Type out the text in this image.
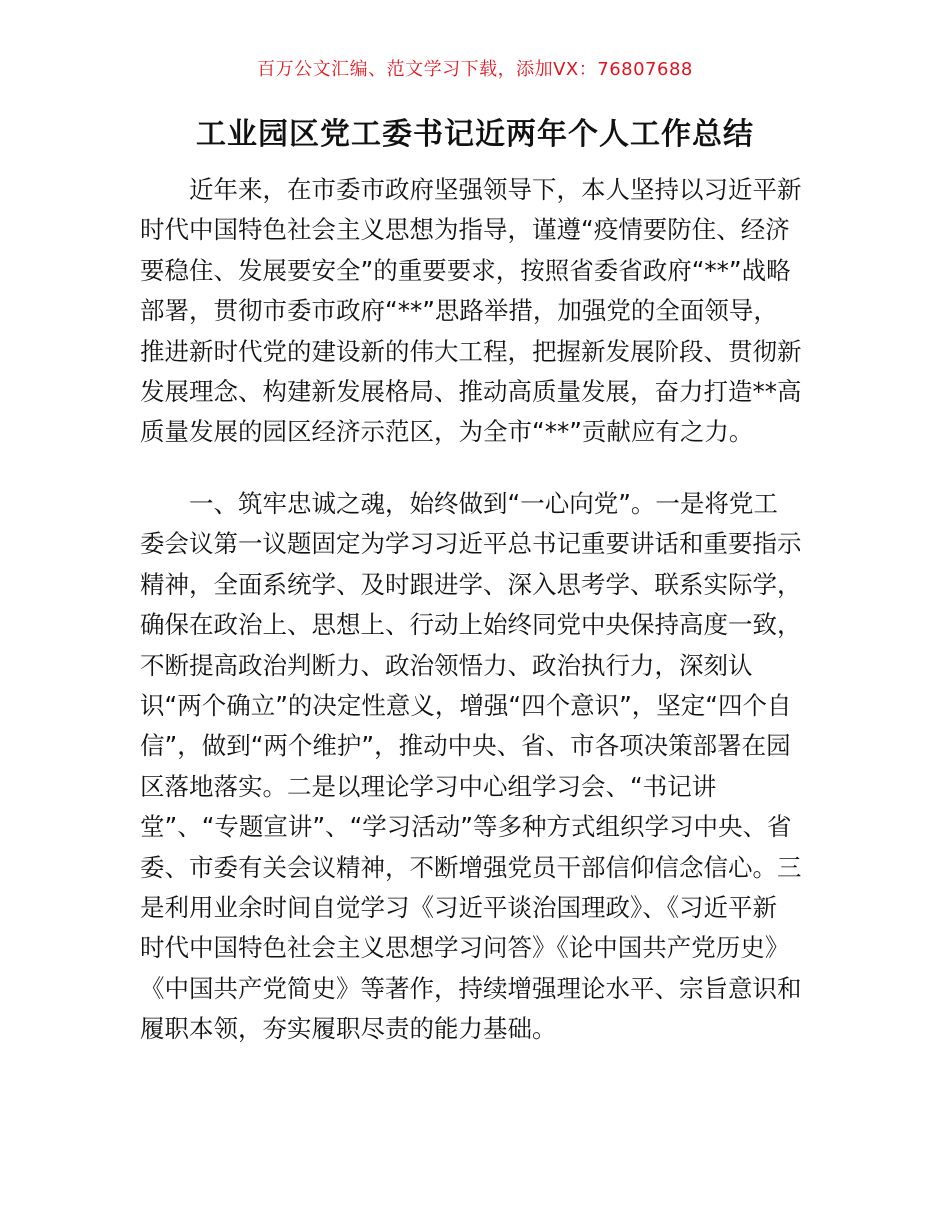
百万公文汇编、范文学习下载，添加VX：76807688
工业园区党工委书记近两年个人工作总结
近年来，在市委市政府坚强领导下，本人坚持以习近平新
时代中国特色社会主义思想为指导，谨遵“疫情要防住、经济
要稳住、发展要安全”的重要要求，按照省委省政府“**”战略
部署，贯彻市委市政府“**”思路举措，加强党的全面领导，
推进新时代党的建设新的伟大工程，把握新发展阶段、贯彻新
发展理念、构建新发展格局、推动高质量发展，奋力打造**高
质量发展的园区经济示范区，为全市“**”贡献应有之力。
一、筑牢忠诚之魂，始终做到“一心向党”。一是将党工
委会议第一议题固定为学习习近平总书记重要讲话和重要指示
精神，全面系统学、及时跟进学、深入思考学、联系实际学，
确保在政治上、思想上、行动上始终同党中央保持高度一致，
不断提高政治判断力、政治领悟力、政治执行力，深刻认
识“两个确立”的决定性意义，增强“四个意识”，坚定“四个自
信”，做到“两个维护”，推动中央、省、市各项决策部署在园
区落地落实。二是以理论学习中心组学习会、“书记讲
堂”、“专题宣讲”、“学习活动”等多种方式组织学习中央、省
委、市委有关会议精神，不断增强党员干部信仰信念信心。三
是利用业余时间自觉学习《习近平谈治国理政》、《习近平新
时代中国特色社会主义思想学习问答》《论中国共产党历史》
《中国共产党简史》等著作，持续增强理论水平、宗旨意识和
履职本领，夯实履职尽责的能力基础。
